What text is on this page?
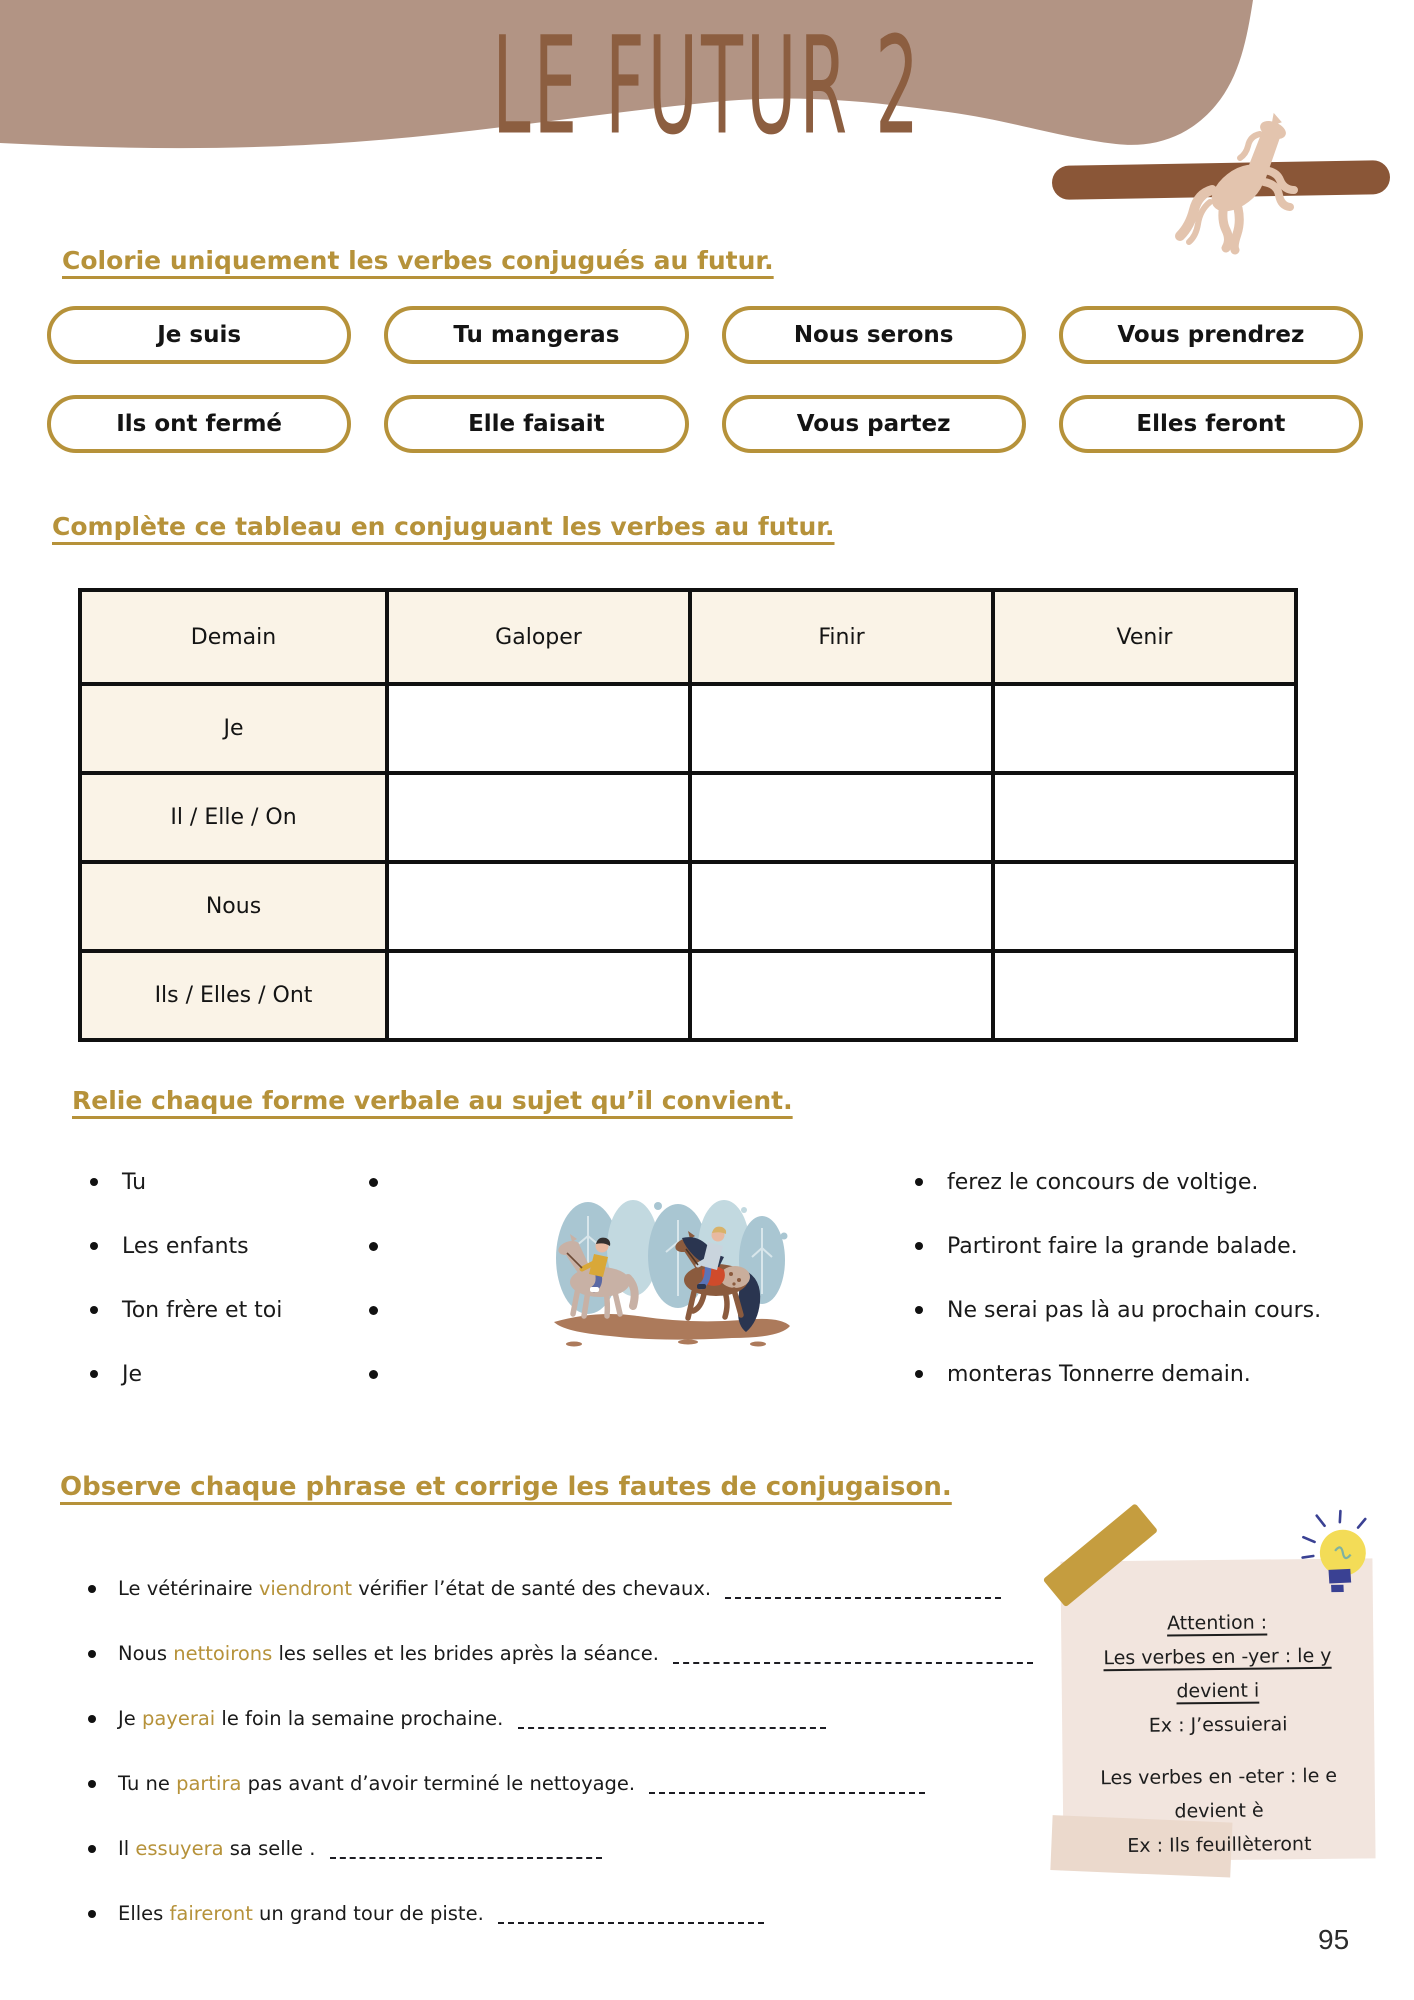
LE FUTUR 2
Colorie uniquement les verbes conjugués au futur.
Je suis	Tu mangeras	Nous serons	Vous prendrez
Ils ont fermé	Elle faisait	Vous partez	Elles feront
Complète ce tableau en conjuguant les verbes au futur.
Demain	Galoper	Finir	Venir
Je			
Il / Elle / On			
Nous			
Ils / Elles / Ont			
Relie chaque forme verbale au sujet qu’il convient.
Tu
Les enfants
Ton frère et toi
Je
ferez le concours de voltige.
Partiront faire la grande balade.
Ne serai pas là au prochain cours.
monteras Tonnerre demain.
Observe chaque phrase et corrige les fautes de conjugaison.
Le vétérinaire viendront vérifier l’état de santé des chevaux.
Nous nettoirons les selles et les brides après la séance.
Je payerai le foin la semaine prochaine.
Tu ne partira pas avant d’avoir terminé le nettoyage.
Il essuyera sa selle .
Elles faireront un grand tour de piste.
Attention :
Les verbes en -yer : le y
devient i
Ex : J’essuierai
Les verbes en -eter : le e
devient è
Ex : Ils feuillèteront
95
